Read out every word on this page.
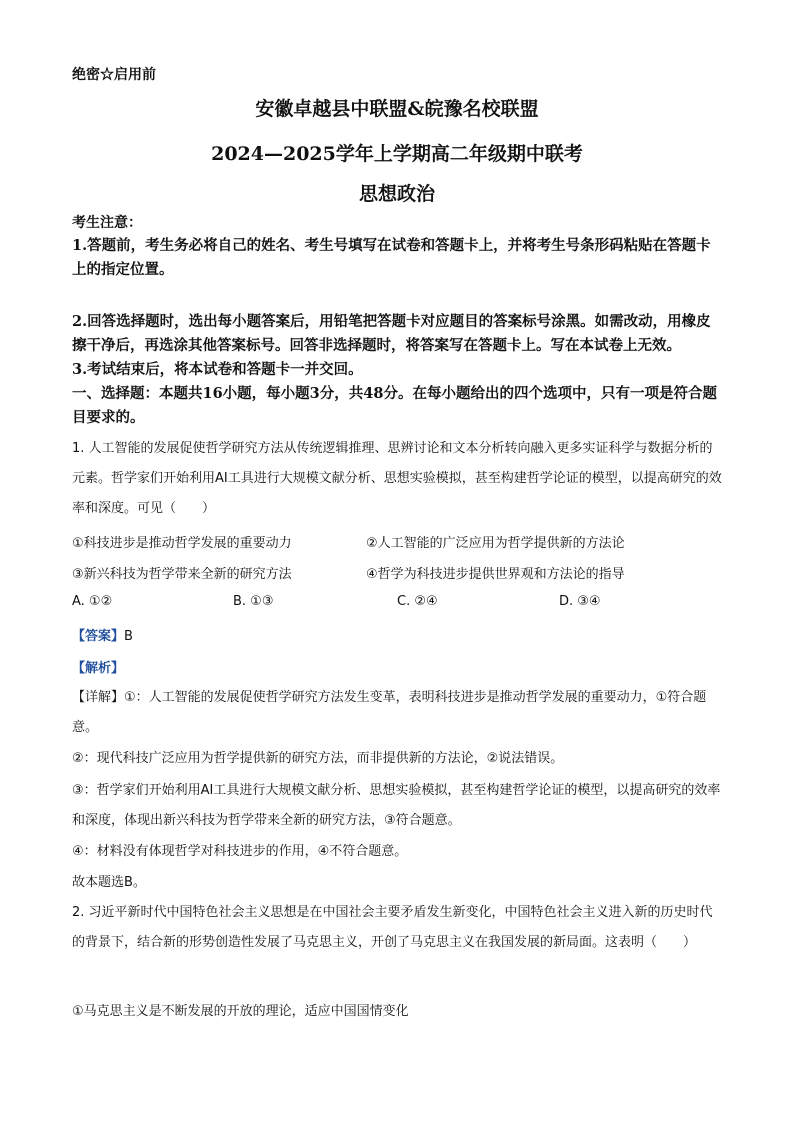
绝密☆启用前
安徽卓越县中联盟&皖豫名校联盟
2024—2025学年上学期高二年级期中联考
思想政治
考生注意：
1.答题前，考生务必将自己的姓名、考生号填写在试卷和答题卡上，并将考生号条形码粘贴在答题卡上的指定位置。
2.回答选择题时，选出每小题答案后，用铅笔把答题卡对应题目的答案标号涂黑。如需改动，用橡皮擦干净后，再选涂其他答案标号。回答非选择题时，将答案写在答题卡上。写在本试卷上无效。
3.考试结束后，将本试卷和答题卡一并交回。
一、选择题：本题共16小题，每小题3分，共48分。在每小题给出的四个选项中，只有一项是符合题目要求的。
1. 人工智能的发展促使哲学研究方法从传统逻辑推理、思辨讨论和文本分析转向融入更多实证科学与数据分析的元素。哲学家们开始利用AI工具进行大规模文献分析、思想实验模拟，甚至构建哲学论证的模型，以提高研究的效率和深度。可见（　　）
①科技进步是推动哲学发展的重要动力	②人工智能的广泛应用为哲学提供新的方法论
③新兴科技为哲学带来全新的研究方法	④哲学为科技进步提供世界观和方法论的指导
A. ①②	B. ①③	C. ②④	D. ③④
【答案】B
【解析】
【详解】①：人工智能的发展促使哲学研究方法发生变革，表明科技进步是推动哲学发展的重要动力，①符合题意。
②：现代科技广泛应用为哲学提供新的研究方法，而非提供新的方法论，②说法错误。
③：哲学家们开始利用AI工具进行大规模文献分析、思想实验模拟，甚至构建哲学论证的模型，以提高研究的效率和深度，体现出新兴科技为哲学带来全新的研究方法，③符合题意。
④：材料没有体现哲学对科技进步的作用，④不符合题意。
故本题选B。
2. 习近平新时代中国特色社会主义思想是在中国社会主要矛盾发生新变化，中国特色社会主义进入新的历史时代的背景下，结合新的形势创造性发展了马克思主义，开创了马克思主义在我国发展的新局面。这表明（　　）
①马克思主义是不断发展的开放的理论，适应中国国情变化
